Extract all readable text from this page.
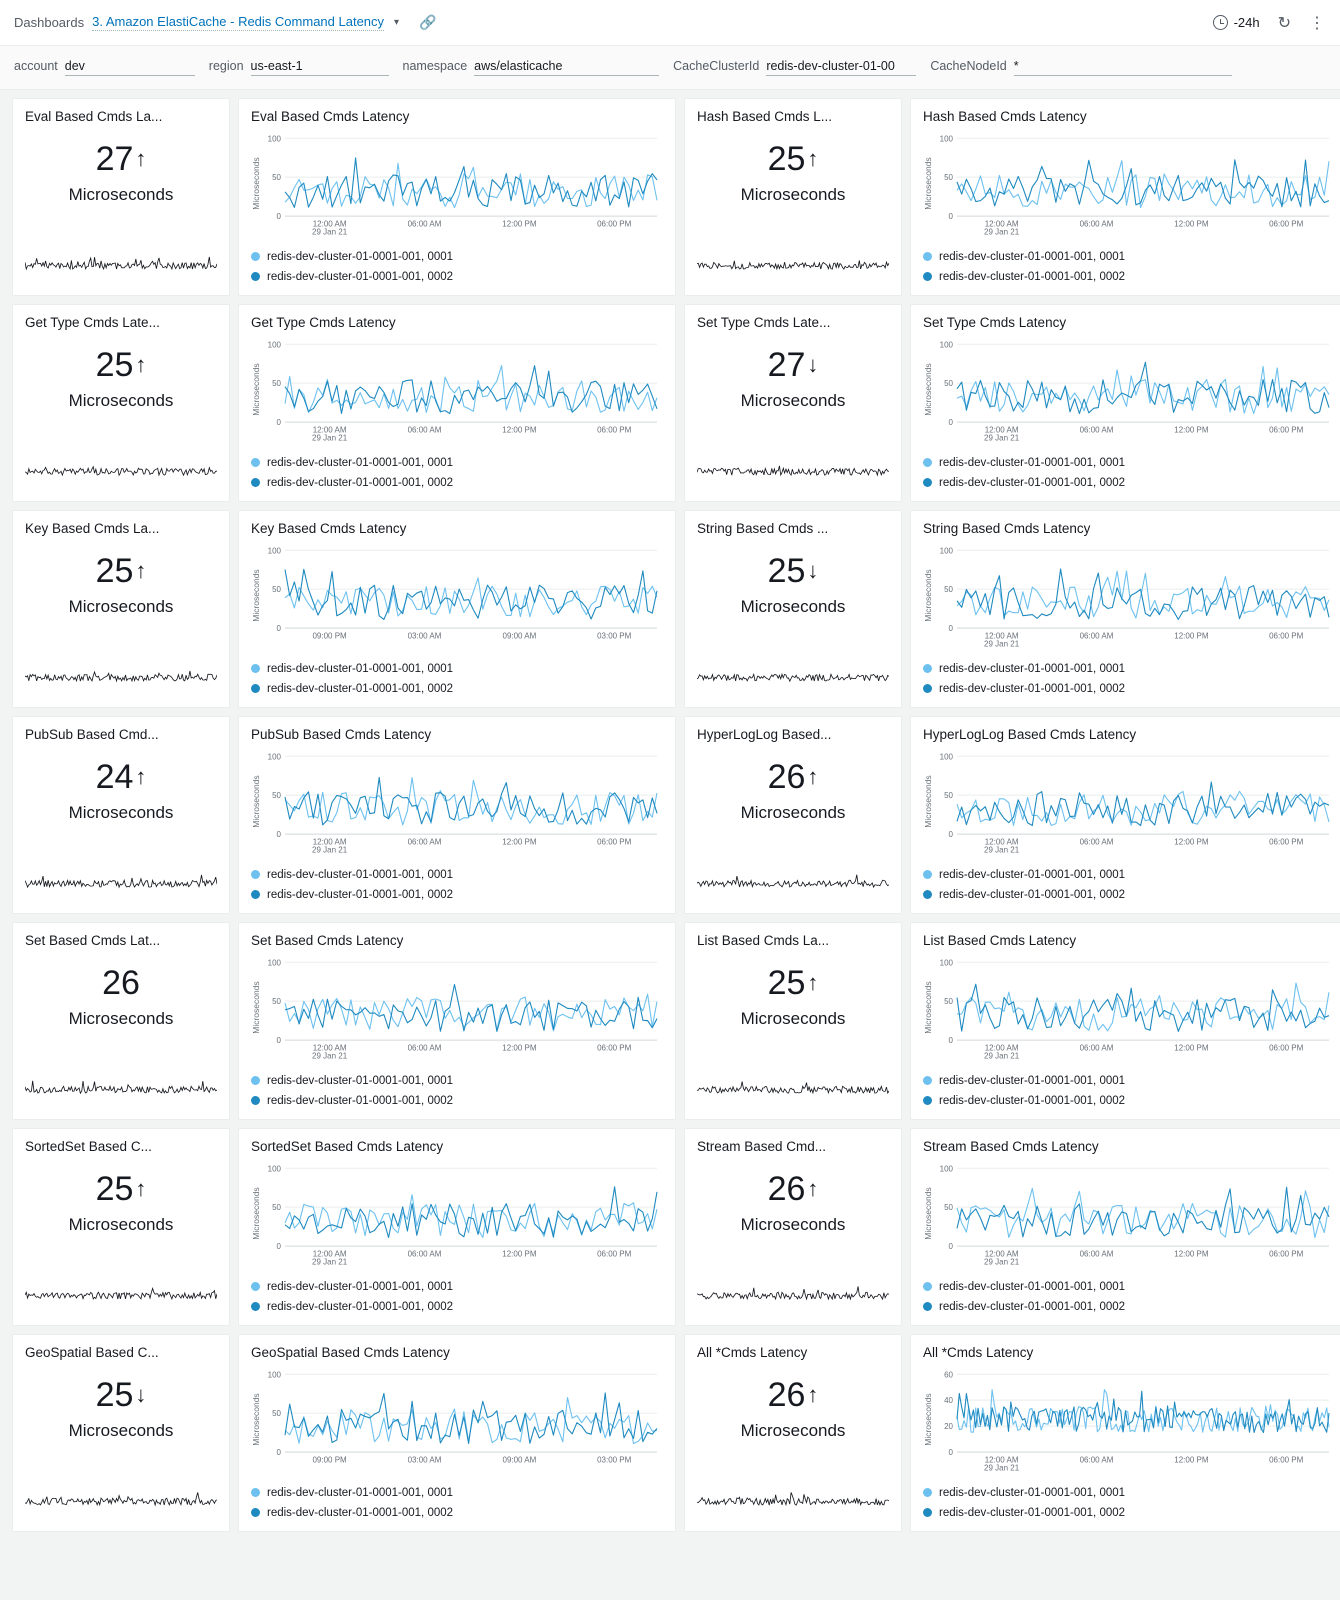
Dashboards 3. Amazon ElastiCache - Redis Command Latency ▾ 🔗	-24h ↻ ⋮
account dev	region us-east-1	namespace aws/elasticache	CacheClusterId redis-dev-cluster-01-00	CacheNodeId *
Eval Based Cmds La...
27 ↑
Microseconds
Eval Based Cmds Latency
Microseconds
0
50
100
12:00 AM
29 Jan 21
06:00 AM	12:00 PM	06:00 PM
redis-dev-cluster-01-0001-001, 0001
redis-dev-cluster-01-0001-001, 0002
Hash Based Cmds L...
25 ↑
Microseconds
Hash Based Cmds Latency
Microseconds
0
50
100
12:00 AM
29 Jan 21
06:00 AM	12:00 PM	06:00 PM
redis-dev-cluster-01-0001-001, 0001
redis-dev-cluster-01-0001-001, 0002
Get Type Cmds Late...
25 ↑
Microseconds
Get Type Cmds Latency
Microseconds
0
50
100
12:00 AM
29 Jan 21
06:00 AM	12:00 PM	06:00 PM
redis-dev-cluster-01-0001-001, 0001
redis-dev-cluster-01-0001-001, 0002
Set Type Cmds Late...
27 ↓
Microseconds
Set Type Cmds Latency
Microseconds
0
50
100
12:00 AM
29 Jan 21
06:00 AM	12:00 PM	06:00 PM
redis-dev-cluster-01-0001-001, 0001
redis-dev-cluster-01-0001-001, 0002
Key Based Cmds La...
25 ↑
Microseconds
Key Based Cmds Latency
Microseconds
0
50
100
09:00 PM	03:00 AM	09:00 AM	03:00 PM
redis-dev-cluster-01-0001-001, 0001
redis-dev-cluster-01-0001-001, 0002
String Based Cmds ...
25 ↓
Microseconds
String Based Cmds Latency
Microseconds
0
50
100
12:00 AM
29 Jan 21
06:00 AM	12:00 PM	06:00 PM
redis-dev-cluster-01-0001-001, 0001
redis-dev-cluster-01-0001-001, 0002
PubSub Based Cmd...
24 ↑
Microseconds
PubSub Based Cmds Latency
Microseconds
0
50
100
12:00 AM
29 Jan 21
06:00 AM	12:00 PM	06:00 PM
redis-dev-cluster-01-0001-001, 0001
redis-dev-cluster-01-0001-001, 0002
HyperLogLog Based...
26 ↑
Microseconds
HyperLogLog Based Cmds Latency
Microseconds
0
50
100
12:00 AM
29 Jan 21
06:00 AM	12:00 PM	06:00 PM
redis-dev-cluster-01-0001-001, 0001
redis-dev-cluster-01-0001-001, 0002
Set Based Cmds Lat...
26
Microseconds
Set Based Cmds Latency
Microseconds
0
50
100
12:00 AM
29 Jan 21
06:00 AM	12:00 PM	06:00 PM
redis-dev-cluster-01-0001-001, 0001
redis-dev-cluster-01-0001-001, 0002
List Based Cmds La...
25 ↑
Microseconds
List Based Cmds Latency
Microseconds
0
50
100
12:00 AM
29 Jan 21
06:00 AM	12:00 PM	06:00 PM
redis-dev-cluster-01-0001-001, 0001
redis-dev-cluster-01-0001-001, 0002
SortedSet Based C...
25 ↑
Microseconds
SortedSet Based Cmds Latency
Microseconds
0
50
100
12:00 AM
29 Jan 21
06:00 AM	12:00 PM	06:00 PM
redis-dev-cluster-01-0001-001, 0001
redis-dev-cluster-01-0001-001, 0002
Stream Based Cmd...
26 ↑
Microseconds
Stream Based Cmds Latency
Microseconds
0
50
100
12:00 AM
29 Jan 21
06:00 AM	12:00 PM	06:00 PM
redis-dev-cluster-01-0001-001, 0001
redis-dev-cluster-01-0001-001, 0002
GeoSpatial Based C...
25 ↓
Microseconds
GeoSpatial Based Cmds Latency
Microseconds
0
50
100
09:00 PM	03:00 AM	09:00 AM	03:00 PM
redis-dev-cluster-01-0001-001, 0001
redis-dev-cluster-01-0001-001, 0002
All *Cmds Latency
26 ↑
Microseconds
All *Cmds Latency
Microseconds
0
20
40
60
12:00 AM
29 Jan 21
06:00 AM	12:00 PM	06:00 PM
redis-dev-cluster-01-0001-001, 0001
redis-dev-cluster-01-0001-001, 0002
